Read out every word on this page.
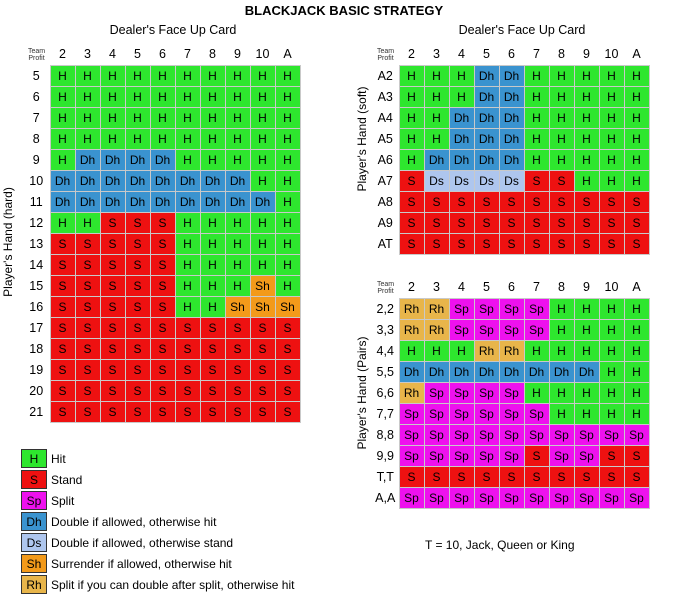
BLACKJACK BASIC STRATEGY
Dealer's Face Up Card
Player's Hand (hard)
Team
Profit	2	3	4	5	6	7	8	9	10	A
5	H	H	H	H	H	H	H	H	H	H
6	H	H	H	H	H	H	H	H	H	H
7	H	H	H	H	H	H	H	H	H	H
8	H	H	H	H	H	H	H	H	H	H
9	H	Dh	Dh	Dh	Dh	H	H	H	H	H
10	Dh	Dh	Dh	Dh	Dh	Dh	Dh	Dh	H	H
11	Dh	Dh	Dh	Dh	Dh	Dh	Dh	Dh	Dh	H
12	H	H	S	S	S	H	H	H	H	H
13	S	S	S	S	S	H	H	H	H	H
14	S	S	S	S	S	H	H	H	H	H
15	S	S	S	S	S	H	H	H	Sh	H
16	S	S	S	S	S	H	H	Sh	Sh	Sh
17	S	S	S	S	S	S	S	S	S	S
18	S	S	S	S	S	S	S	S	S	S
19	S	S	S	S	S	S	S	S	S	S
20	S	S	S	S	S	S	S	S	S	S
21	S	S	S	S	S	S	S	S	S	S
Dealer's Face Up Card
Player's Hand (soft)
Team
Profit	2	3	4	5	6	7	8	9	10	A
A2	H	H	H	Dh	Dh	H	H	H	H	H
A3	H	H	H	Dh	Dh	H	H	H	H	H
A4	H	H	Dh	Dh	Dh	H	H	H	H	H
A5	H	H	Dh	Dh	Dh	H	H	H	H	H
A6	H	Dh	Dh	Dh	Dh	H	H	H	H	H
A7	S	Ds	Ds	Ds	Ds	S	S	H	H	H
A8	S	S	S	S	S	S	S	S	S	S
A9	S	S	S	S	S	S	S	S	S	S
AT	S	S	S	S	S	S	S	S	S	S
Player's Hand (Pairs)
Team
Profit	2	3	4	5	6	7	8	9	10	A
2,2	Rh	Rh	Sp	Sp	Sp	Sp	H	H	H	H
3,3	Rh	Rh	Sp	Sp	Sp	Sp	H	H	H	H
4,4	H	H	H	Rh	Rh	H	H	H	H	H
5,5	Dh	Dh	Dh	Dh	Dh	Dh	Dh	Dh	H	H
6,6	Rh	Sp	Sp	Sp	Sp	H	H	H	H	H
7,7	Sp	Sp	Sp	Sp	Sp	Sp	H	H	H	H
8,8	Sp	Sp	Sp	Sp	Sp	Sp	Sp	Sp	Sp	Sp
9,9	Sp	Sp	Sp	Sp	Sp	S	Sp	Sp	S	S
T,T	S	S	S	S	S	S	S	S	S	S
A,A	Sp	Sp	Sp	Sp	Sp	Sp	Sp	Sp	Sp	Sp
H	Hit
S	Stand
Sp Split
Dh Double if allowed, otherwise hit
Ds Double if allowed, otherwise stand
Sh Surrender if allowed, otherwise hit
Rh Split if you can double after split, otherwise hit
T = 10, Jack, Queen or King
